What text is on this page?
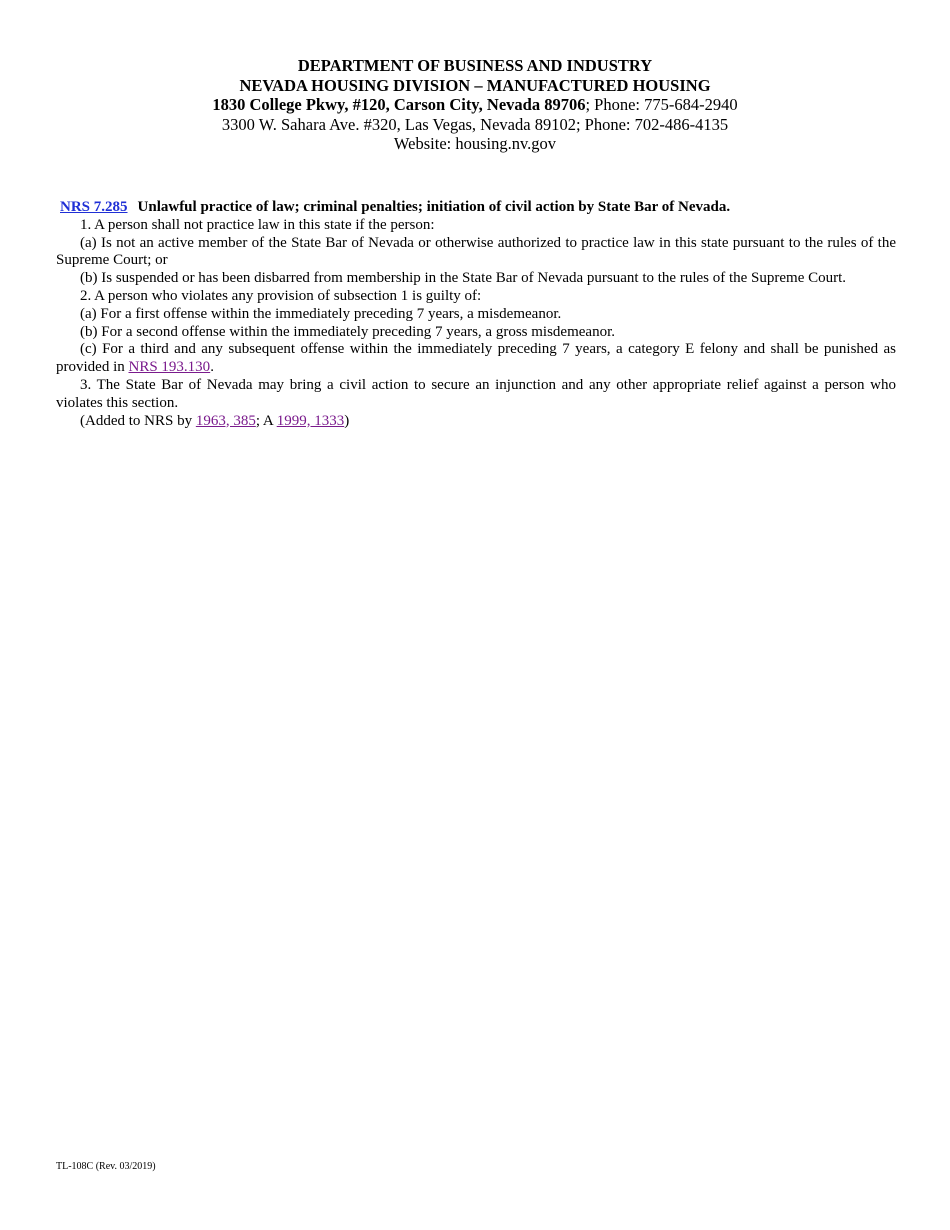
DEPARTMENT OF BUSINESS AND INDUSTRY
NEVADA HOUSING DIVISION – MANUFACTURED HOUSING
1830 College Pkwy, #120, Carson City, Nevada 89706; Phone: 775-684-2940
3300 W. Sahara Ave. #320, Las Vegas, Nevada 89102; Phone: 702-486-4135
Website: housing.nv.gov

NRS 7.285 Unlawful practice of law; criminal penalties; initiation of civil action by State Bar of Nevada.

1. A person shall not practice law in this state if the person:

(a) Is not an active member of the State Bar of Nevada or otherwise authorized to practice law in this state pursuant to the rules of the Supreme Court; or

(b) Is suspended or has been disbarred from membership in the State Bar of Nevada pursuant to the rules of the Supreme Court.

2. A person who violates any provision of subsection 1 is guilty of:

(a) For a first offense within the immediately preceding 7 years, a misdemeanor.

(b) For a second offense within the immediately preceding 7 years, a gross misdemeanor.

(c) For a third and any subsequent offense within the immediately preceding 7 years, a category E felony and shall be punished as provided in NRS 193.130.

3. The State Bar of Nevada may bring a civil action to secure an injunction and any other appropriate relief against a person who violates this section.

(Added to NRS by 1963, 385; A 1999, 1333)

TL-108C (Rev. 03/2019)
